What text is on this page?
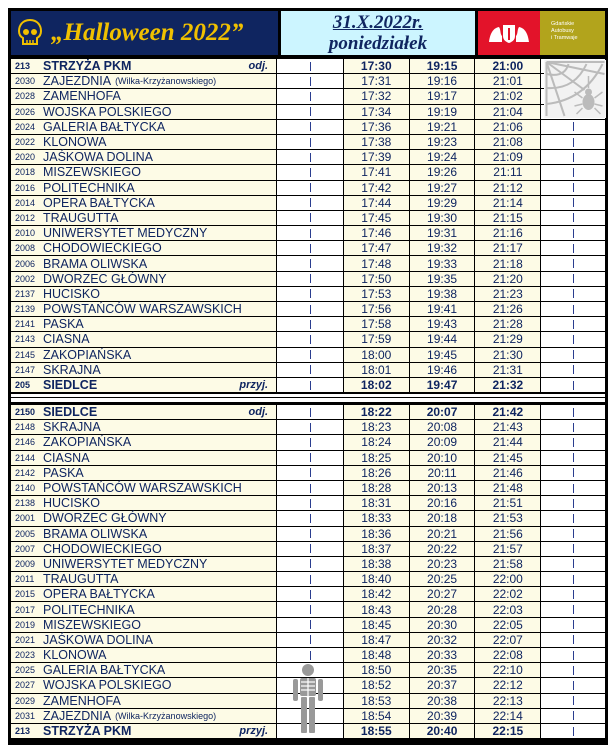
„Halloween 2022”	31.X.2022r.
poniedziałek
Gdańskie
Autobusy
i Tramwaje
213	STRZYŻA PKM	odj.	17:30	19:15	21:00
2030 ZAJEZDNIA (Wilka-Krzyżanowskiego)	17:31	19:16	21:01
2028 ZAMENHOFA	17:32	19:17	21:02
2026 WOJSKA POLSKIEGO	17:34	19:19	21:04
2024 GALERIA BAŁTYCKA	17:36	19:21	21:06
2022 KLONOWA	17:38	19:23	21:08
2020 JAŚKOWA DOLINA	17:39	19:24	21:09
2018 MISZEWSKIEGO	17:41	19:26	21:11
2016 POLITECHNIKA	17:42	19:27	21:12
2014 OPERA BAŁTYCKA	17:44	19:29	21:14
2012 TRAUGUTTA	17:45	19:30	21:15
2010 UNIWERSYTET MEDYCZNY	17:46	19:31	21:16
2008 CHODOWIECKIEGO	17:47	19:32	21:17
2006 BRAMA OLIWSKA	17:48	19:33	21:18
2002 DWORZEC GŁÓWNY	17:50	19:35	21:20
2137 HUCISKO	17:53	19:38	21:23
2139 POWSTAŃCÓW WARSZAWSKICH	17:56	19:41	21:26
2141 PASKA	17:58	19:43	21:28
2143 CIASNA	17:59	19:44	21:29
2145 ZAKOPIAŃSKA	18:00	19:45	21:30
2147 SKRAJNA	18:01	19:46	21:31
205	SIEDLCE	przyj.	18:02	19:47	21:32
2150 SIEDLCE	odj.	18:22	20:07	21:42
2148 SKRAJNA	18:23	20:08	21:43
2146 ZAKOPIAŃSKA	18:24	20:09	21:44
2144 CIASNA	18:25	20:10	21:45
2142 PASKA	18:26	20:11	21:46
2140 POWSTAŃCÓW WARSZAWSKICH	18:28	20:13	21:48
2138 HUCISKO	18:31	20:16	21:51
2001 DWORZEC GŁÓWNY	18:33	20:18	21:53
2005 BRAMA OLIWSKA	18:36	20:21	21:56
2007 CHODOWIECKIEGO	18:37	20:22	21:57
2009 UNIWERSYTET MEDYCZNY	18:38	20:23	21:58
2011 TRAUGUTTA	18:40	20:25	22:00
2015 OPERA BAŁTYCKA	18:42	20:27	22:02
2017 POLITECHNIKA	18:43	20:28	22:03
2019 MISZEWSKIEGO	18:45	20:30	22:05
2021 JAŚKOWA DOLINA	18:47	20:32	22:07
2023 KLONOWA	18:48	20:33	22:08
2025 GALERIA BAŁTYCKA	18:50	20:35	22:10
2027 WOJSKA POLSKIEGO	18:52	20:37	22:12
2029 ZAMENHOFA	18:53	20:38	22:13
2031 ZAJEZDNIA (Wilka-Krzyżanowskiego)	18:54	20:39	22:14
213	STRZYŻA PKM	przyj.	18:55	20:40	22:15
